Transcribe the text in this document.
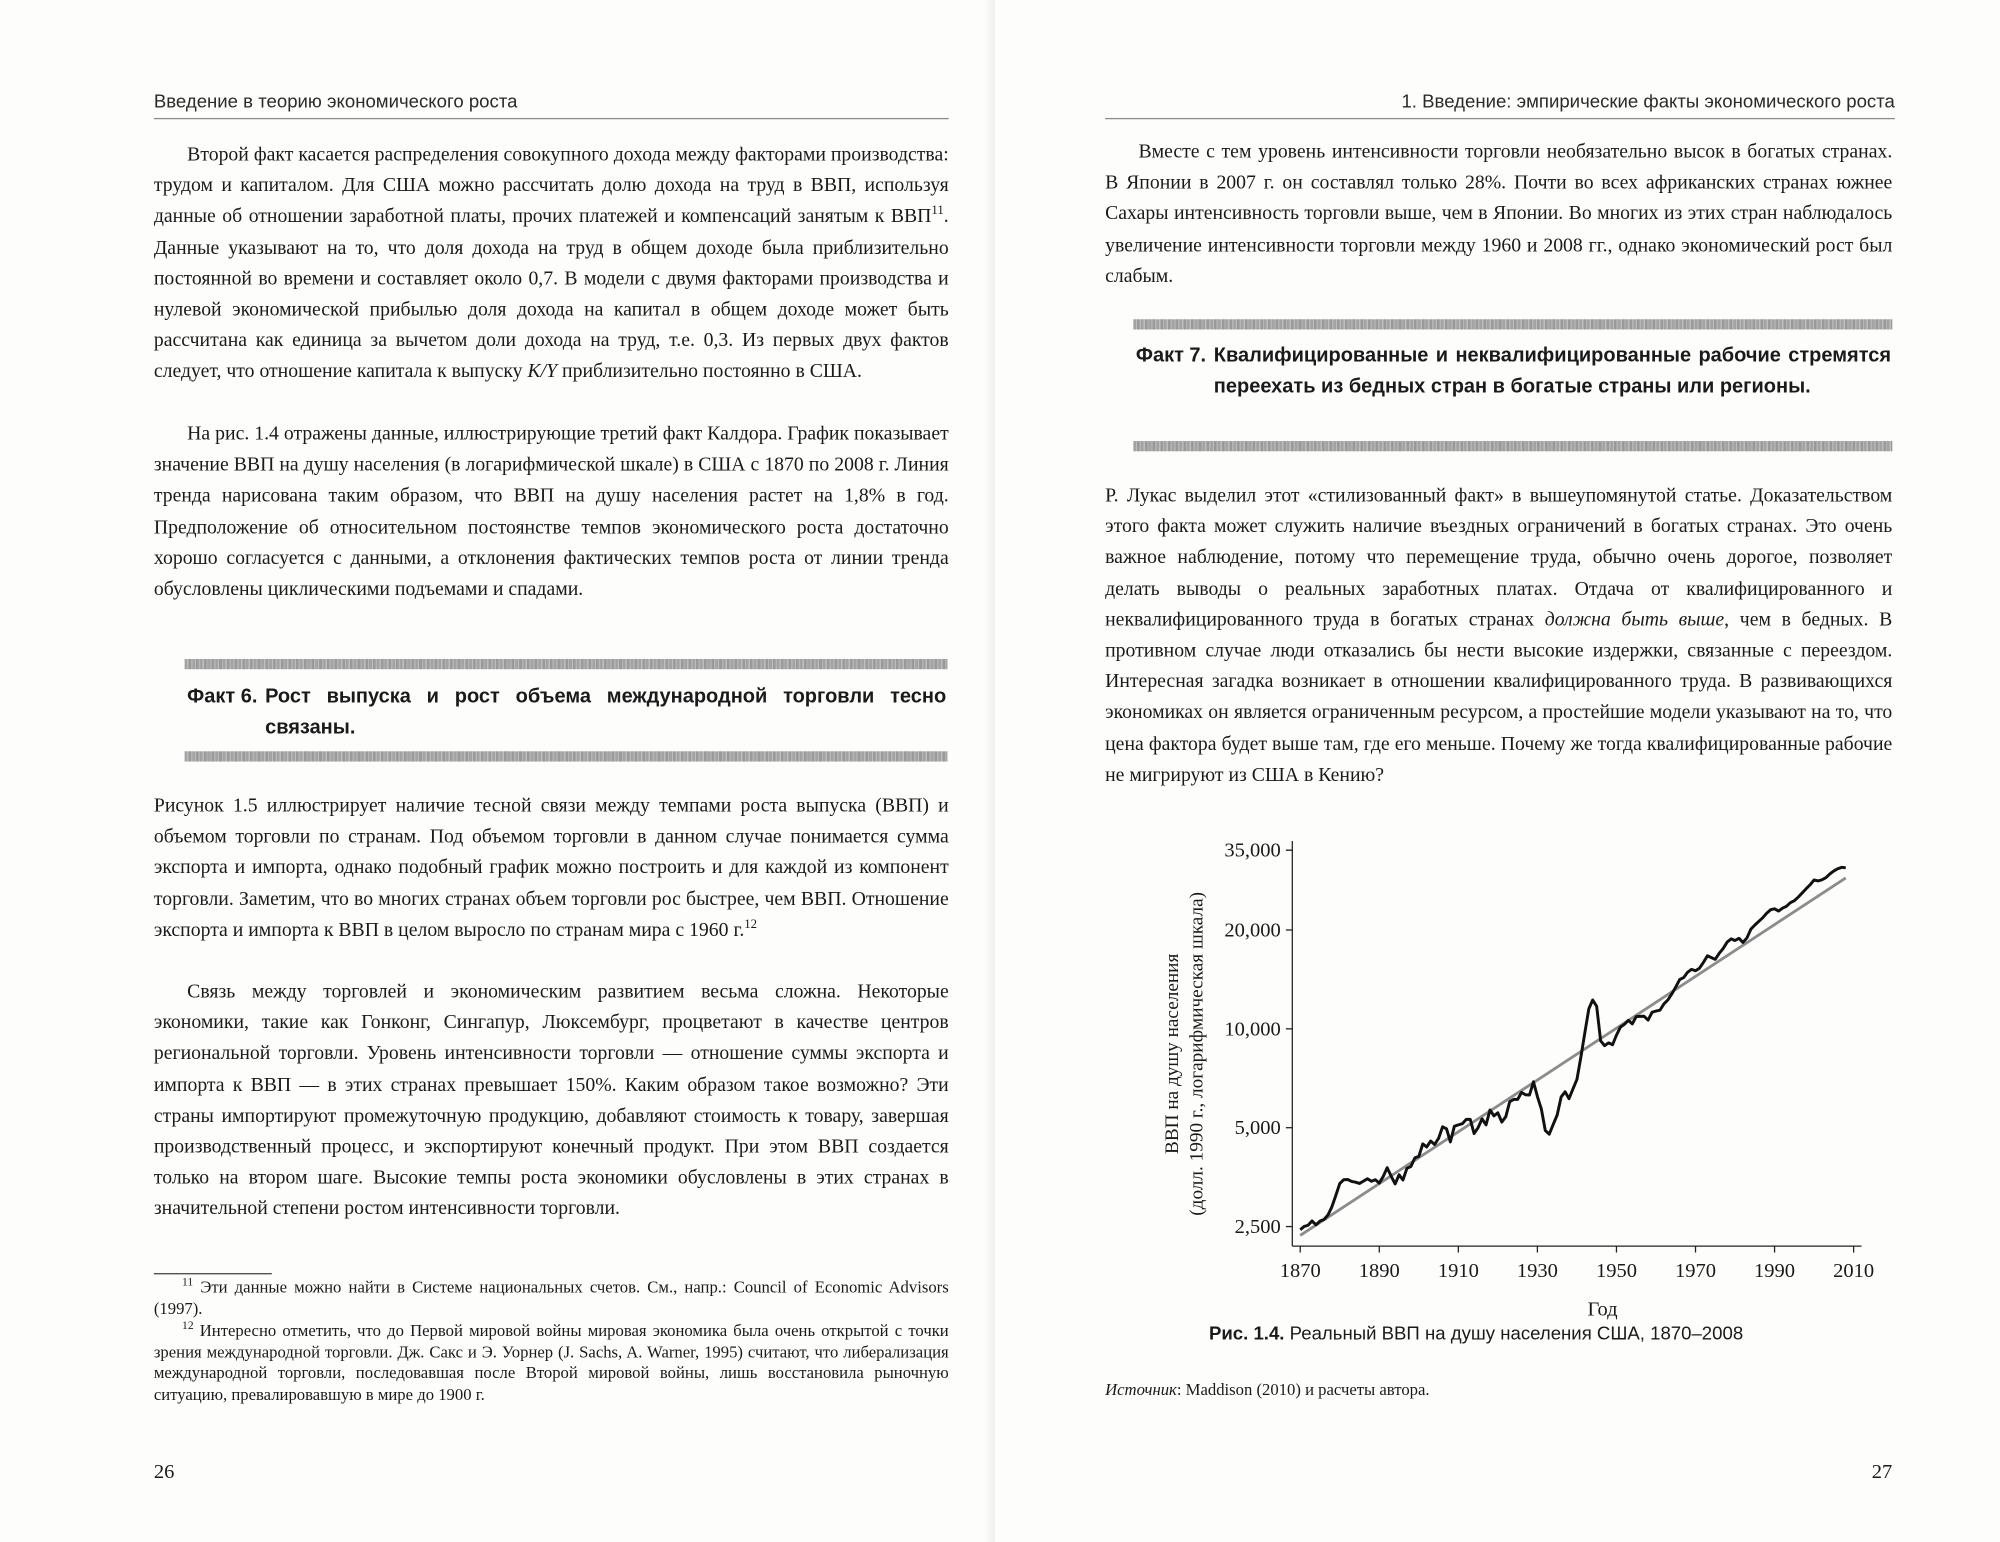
Введение в теорию экономического роста

Второй факт касается распределения совокупного дохода между факторами производства: трудом и капиталом. Для США можно рассчитать долю дохода на труд в ВВП, используя данные об отношении заработной платы, прочих платежей и компенсаций занятым к ВВП$^{11}$. Данные указывают на то, что доля дохода на труд в общем доходе была приблизительно постоянной во времени и составляет около 0,7. В модели с двумя факторами производства и нулевой экономической прибылью доля дохода на капитал в общем доходе может быть рассчитана как единица за вычетом доли дохода на труд, т.е. 0,3. Из первых двух фактов следует, что отношение капитала к выпуску K/Y приблизительно постоянно в США.

На рис. 1.4 отражены данные, иллюстрирующие третий факт Калдора. График показывает значение ВВП на душу населения (в логарифмической шкале) в США с 1870 по 2008 г. Линия тренда нарисована таким образом, что ВВП на душу населения растет на 1,8% в год. Предположение об относительном постоянстве темпов экономического роста достаточно хорошо согласуется с данными, а отклонения фактических темпов роста от линии тренда обусловлены циклическими подъемами и спадами.

Факт 6. Рост выпуска и рост объема международной торговли тесно связаны.

Рисунок 1.5 иллюстрирует наличие тесной связи между темпами роста выпуска (ВВП) и объемом торговли по странам. Под объемом торговли в данном случае понимается сумма экспорта и импорта, однако подобный график можно построить и для каждой из компонент торговли. Заметим, что во многих странах объем торговли рос быстрее, чем ВВП. Отношение экспорта и импорта к ВВП в целом выросло по странам мира с 1960 г.$^{12}$

Связь между торговлей и экономическим развитием весьма сложна. Некоторые экономики, такие как Гонконг, Сингапур, Люксембург, процветают в качестве центров региональной торговли. Уровень интенсивности торговли — отношение суммы экспорта и импорта к ВВП — в этих странах превышает 150%. Каким образом такое возможно? Эти страны импортируют промежуточную продукцию, добавляют стоимость к товару, завершая производственный процесс, и экспортируют конечный продукт. При этом ВВП создается только на втором шаге. Высокие темпы роста экономики обусловлены в этих странах в значительной степени ростом интенсивности торговли.

$^{11}$ Эти данные можно найти в Системе национальных счетов. См., напр.: Council of Economic Advisors (1997).

$^{12}$ Интересно отметить, что до Первой мировой войны мировая экономика была очень открытой с точки зрения международной торговли. Дж. Сакс и Э. Уорнер (J. Sachs, A. Warner, 1995) считают, что либерализация международной торговли, последовавшая после Второй мировой войны, лишь восстановила рыночную ситуацию, превалировавшую в мире до 1900 г.

26
1. Введение: эмпирические факты экономического роста

Вместе с тем уровень интенсивности торговли необязательно высок в богатых странах. В Японии в 2007 г. он составлял только 28%. Почти во всех африканских странах южнее Сахары интенсивность торговли выше, чем в Японии. Во многих из этих стран наблюдалось увеличение интенсивности торговли между 1960 и 2008 гг., однако экономический рост был слабым.

Факт 7. Квалифицированные и неквалифицированные рабочие стремятся переехать из бедных стран в богатые страны или регионы.

Р. Лукас выделил этот «стилизованный факт» в вышеупомянутой статье. Доказательством этого факта может служить наличие въездных ограничений в богатых странах. Это очень важное наблюдение, потому что перемещение труда, обычно очень дорогое, позволяет делать выводы о реальных заработных платах. Отдача от квалифицированного и неквалифицированного труда в богатых странах должна быть выше, чем в бедных. В противном случае люди отказались бы нести высокие издержки, связанные с переездом. Интересная загадка возникает в отношении квалифицированного труда. В развивающихся экономиках он является ограниченным ресурсом, а простейшие модели указывают на то, что цена фактора будет выше там, где его меньше. Почему же тогда квалифицированные рабочие не мигрируют из США в Кению?

ВВП на душу населения (долл. 1990 г., логарифмическая шкала)
2,500
5,000
10,000
20,000
35,000
1870 1890 1910 1930 1950 1970 1990 2010
Год
Рис. 1.4. Реальный ВВП на душу населения США, 1870–2008
Источник: Maddison (2010) и расчеты автора.
27
